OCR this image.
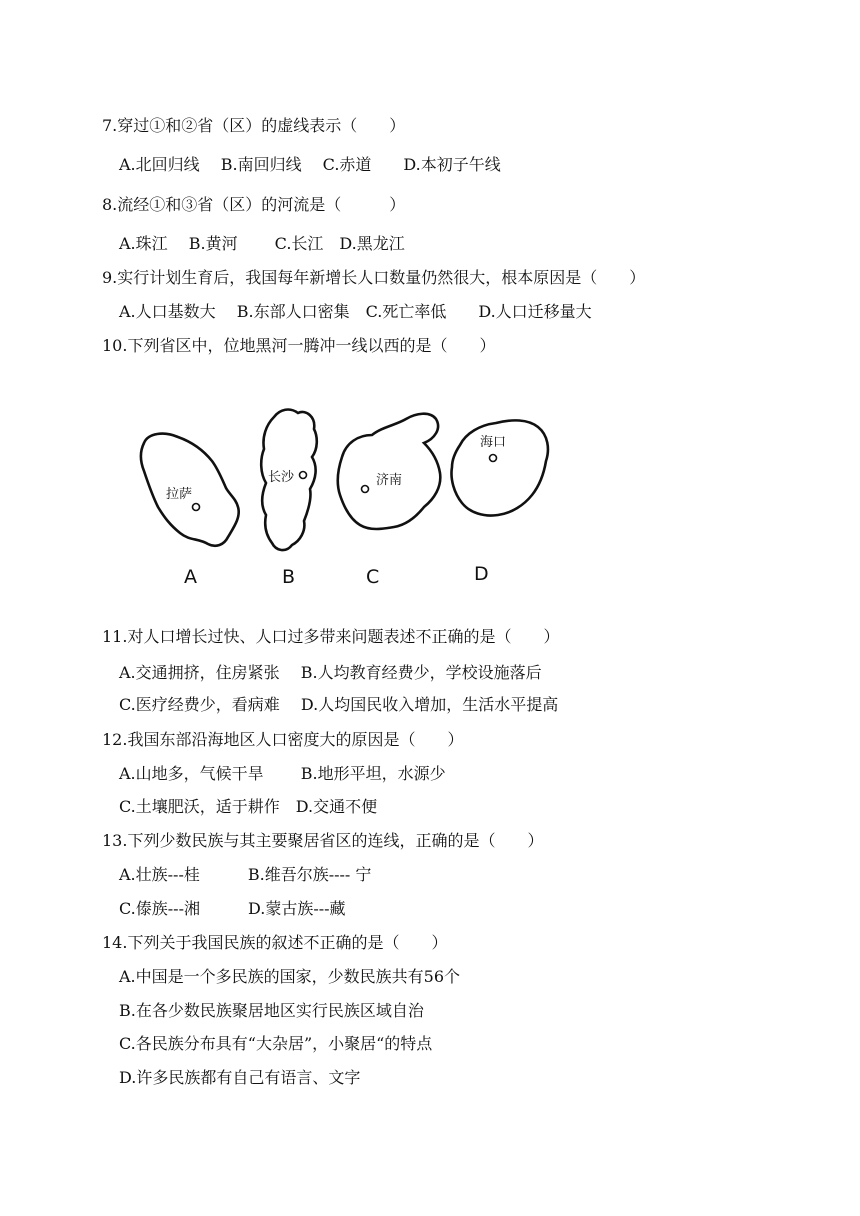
7.穿过①和②省（区）的虚线表示（　　）
A.北回归线　 B.南回归线　 C.赤道　　D.本初子午线
8.流经①和③省（区）的河流是（　　　）
A.珠江　 B.黄河　　 C.长江　D.黑龙江
9.实行计划生育后，我国每年新增长人口数量仍然很大，根本原因是（　　）
A.人口基数大　 B.东部人口密集　C.死亡率低　　D.人口迁移量大
10.下列省区中，位地黑河一腾冲一线以西的是（　　）
拉萨
A
长沙
B
济南
C
海口
D
11.对人口增长过快、人口过多带来问题表述不正确的是（　　）
A.交通拥挤，住房紧张　 B.人均教育经费少，学校设施落后
C.医疗经费少，看病难　 D.人均国民收入增加，生活水平提高
12.我国东部沿海地区人口密度大的原因是（　　）
A.山地多，气候干旱　　 B.地形平坦，水源少
C.土壤肥沃，适于耕作　D.交通不便
13.下列少数民族与其主要聚居省区的连线，正确的是（　　）
A.壮族---桂　　　B.维吾尔族---- 宁
C.傣族---湘　　　D.蒙古族---藏
14.下列关于我国民族的叙述不正确的是（　　）
A.中国是一个多民族的国家，少数民族共有56个
B.在各少数民族聚居地区实行民族区域自治
C.各民族分布具有“大杂居”，小聚居“的特点
D.许多民族都有自己有语言、文字
